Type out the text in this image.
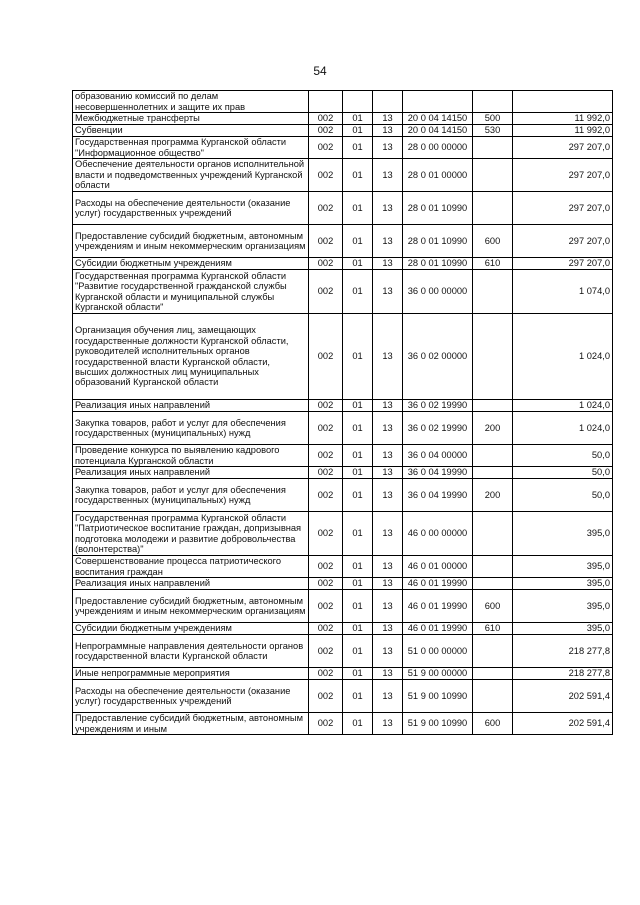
54
образованию комиссий по делам несовершеннолетних и защите их прав						
Межбюджетные трансферты	002	01	13	20 0 04 14150	500	11 992,0
Субвенции	002	01	13	20 0 04 14150	530	11 992,0
Государственная программа Курганской области "Информационное общество"	002	01	13	28 0 00 00000		297 207,0
Обеспечение деятельности органов исполнительной власти и подведомственных учреждений Курганской области	002	01	13	28 0 01 00000		297 207,0
Расходы на обеспечение деятельности (оказание услуг) государственных учреждений	002	01	13	28 0 01 10990		297 207,0
Предоставление субсидий бюджетным, автономным учреждениям и иным некоммерческим организациям	002	01	13	28 0 01 10990	600	297 207,0
Субсидии бюджетным учреждениям	002	01	13	28 0 01 10990	610	297 207,0
Государственная программа Курганской области "Развитие государственной гражданской службы Курганской области и муниципальной службы Курганской области"	002	01	13	36 0 00 00000		1 074,0
Организация обучения лиц, замещающих государственные должности Курганской области, руководителей исполнительных органов государственной власти Курганской области, высших должностных лиц муниципальных образований Курганской области	002	01	13	36 0 02 00000		1 024,0
Реализация иных направлений	002	01	13	36 0 02 19990		1 024,0
Закупка товаров, работ и услуг для обеспечения государственных (муниципальных) нужд	002	01	13	36 0 02 19990	200	1 024,0
Проведение конкурса по выявлению кадрового потенциала Курганской области	002	01	13	36 0 04 00000		50,0
Реализация иных направлений	002	01	13	36 0 04 19990		50,0
Закупка товаров, работ и услуг для обеспечения государственных (муниципальных) нужд	002	01	13	36 0 04 19990	200	50,0
Государственная программа Курганской области "Патриотическое воспитание граждан, допризывная подготовка молодежи и развитие добровольчества (волонтерства)"	002	01	13	46 0 00 00000		395,0
Совершенствование процесса патриотического воспитания граждан	002	01	13	46 0 01 00000		395,0
Реализация иных направлений	002	01	13	46 0 01 19990		395,0
Предоставление субсидий бюджетным, автономным учреждениям и иным некоммерческим организациям	002	01	13	46 0 01 19990	600	395,0
Субсидии бюджетным учреждениям	002	01	13	46 0 01 19990	610	395,0
Непрограммные направления деятельности органов государственной власти Курганской области	002	01	13	51 0 00 00000		218 277,8
Иные непрограммные мероприятия	002	01	13	51 9 00 00000		218 277,8
Расходы на обеспечение деятельности (оказание услуг) государственных учреждений	002	01	13	51 9 00 10990		202 591,4
Предоставление субсидий бюджетным, автономным учреждениям и иным	002	01	13	51 9 00 10990	600	202 591,4
